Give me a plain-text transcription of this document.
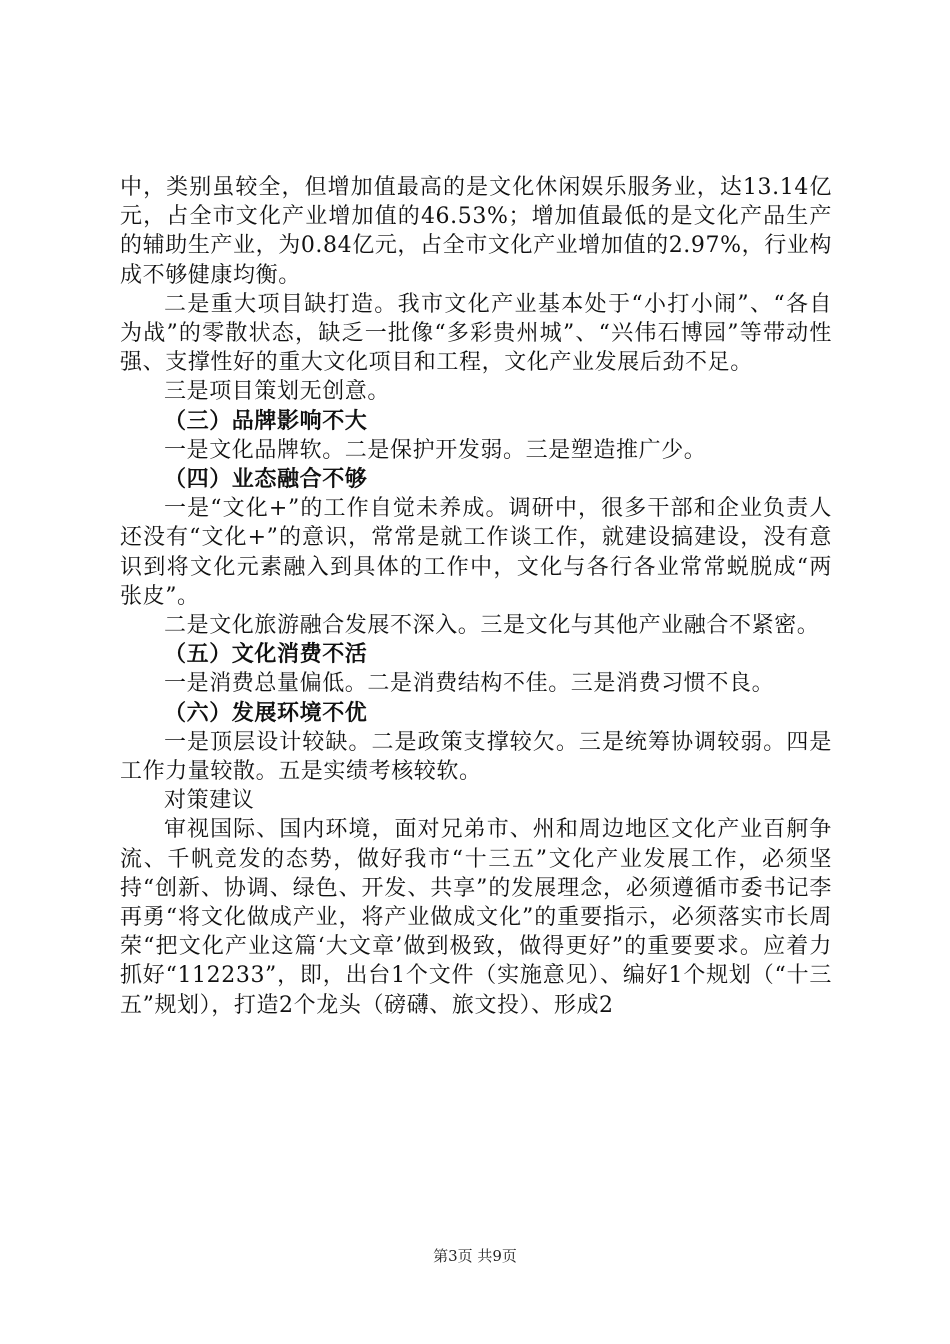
中，类别虽较全，但增加值最高的是文化休闲娱乐服务业，达13.14亿元，占全市文化产业增加值的46.53%；增加值最低的是文化产品生产的辅助生产业，为0.84亿元，占全市文化产业增加值的2.97%，行业构成不够健康均衡。

二是重大项目缺打造。我市文化产业基本处于“小打小闹”、“各自为战”的零散状态，缺乏一批像“多彩贵州城”、“兴伟石博园”等带动性强、支撑性好的重大文化项目和工程，文化产业发展后劲不足。

三是项目策划无创意。

（三）品牌影响不大

一是文化品牌软。二是保护开发弱。三是塑造推广少。

（四）业态融合不够

一是“文化+”的工作自觉未养成。调研中，很多干部和企业负责人还没有“文化+”的意识，常常是就工作谈工作，就建设搞建设，没有意识到将文化元素融入到具体的工作中，文化与各行各业常常蜕脱成“两张皮”。

二是文化旅游融合发展不深入。三是文化与其他产业融合不紧密。

（五）文化消费不活

一是消费总量偏低。二是消费结构不佳。三是消费习惯不良。

（六）发展环境不优

一是顶层设计较缺。二是政策支撑较欠。三是统筹协调较弱。四是工作力量较散。五是实绩考核较软。

对策建议

审视国际、国内环境，面对兄弟市、州和周边地区文化产业百舸争流、千帆竞发的态势，做好我市“十三五”文化产业发展工作，必须坚持“创新、协调、绿色、开发、共享”的发展理念，必须遵循市委书记李再勇“将文化做成产业，将产业做成文化”的重要指示，必须落实市长周荣“把文化产业这篇‘大文章’做到极致，做得更好”的重要要求。应着力抓好“112233”，即，出台1个文件（实施意见）、编好1个规划（“十三五”规划），打造2个龙头（磅礴、旅文投）、形成2

第3页 共9页
